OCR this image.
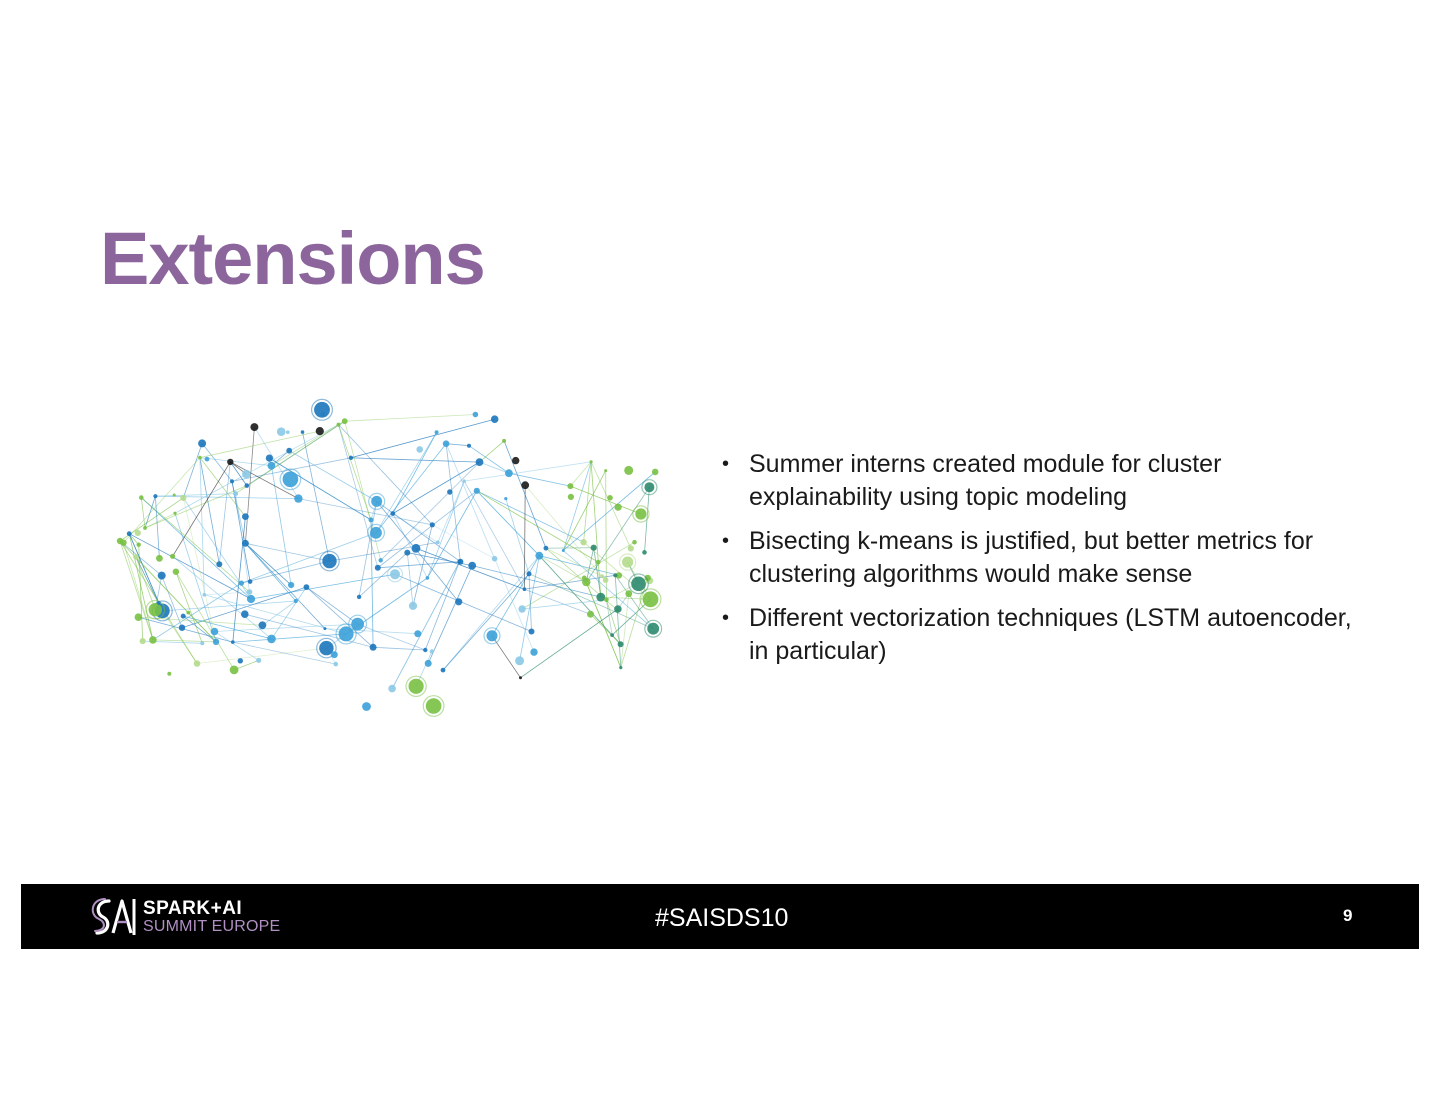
Extensions
• Summer interns created module for cluster explainability using topic modeling
• Bisecting k-means is justified, but better metrics for clustering algorithms would make sense
• Different vectorization techniques (LSTM autoencoder, in particular)
SPARK+AI
SUMMIT EUROPE	#SAISDS10	9
